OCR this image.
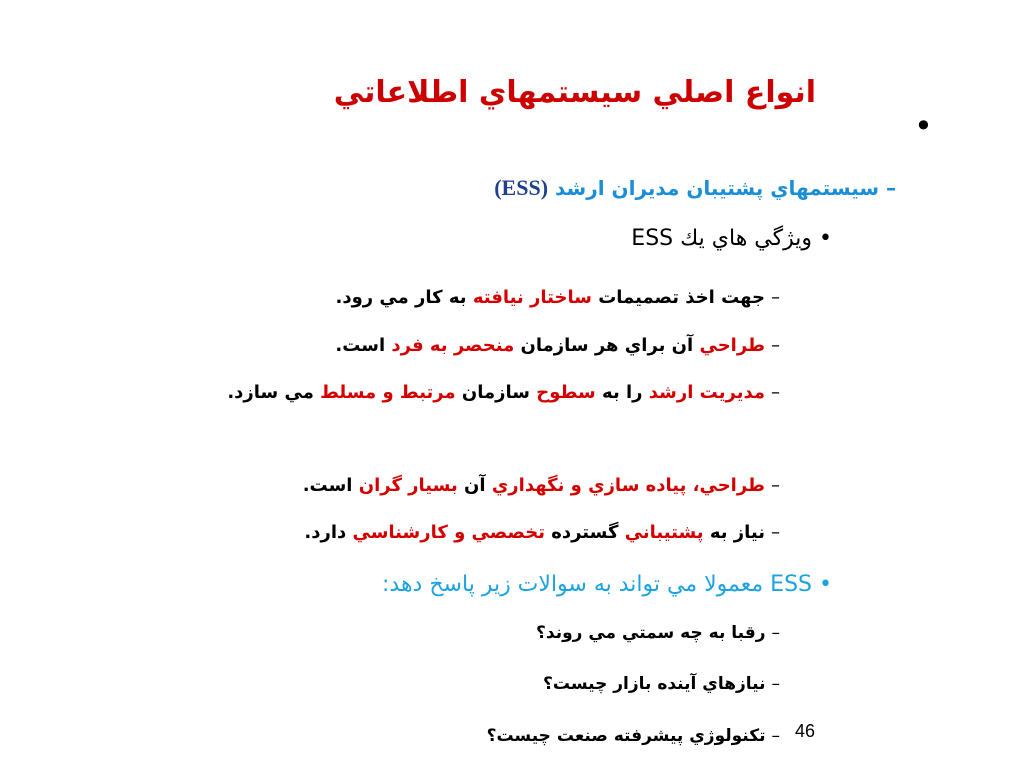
•
انواع اصلي سيستمهاي اطلاعاتي
– سيستمهاي پشتيبان مديران ارشد (ESS)
• ويژگي هاي يك ESS
–جهت اخذ تصميمات ساختار نيافته به كار مي رود.
–طراحي آن براي هر سازمان منحصر به فرد است.
–مديريت ارشد را به سطوح سازمان مرتبط و مسلط مي سازد.
–طراحي، پياده سازي و نگهداري آن بسيار گران است.
–نياز به پشتيباني گسترده تخصصي و كارشناسي دارد.
• ESS معمولا مي تواند به سوالات زير پاسخ دهد:
–رقبا به چه سمتي مي روند؟
–نيازهاي آينده بازار چيست؟
–تكنولوژي پيشرفته صنعت چيست؟	46
